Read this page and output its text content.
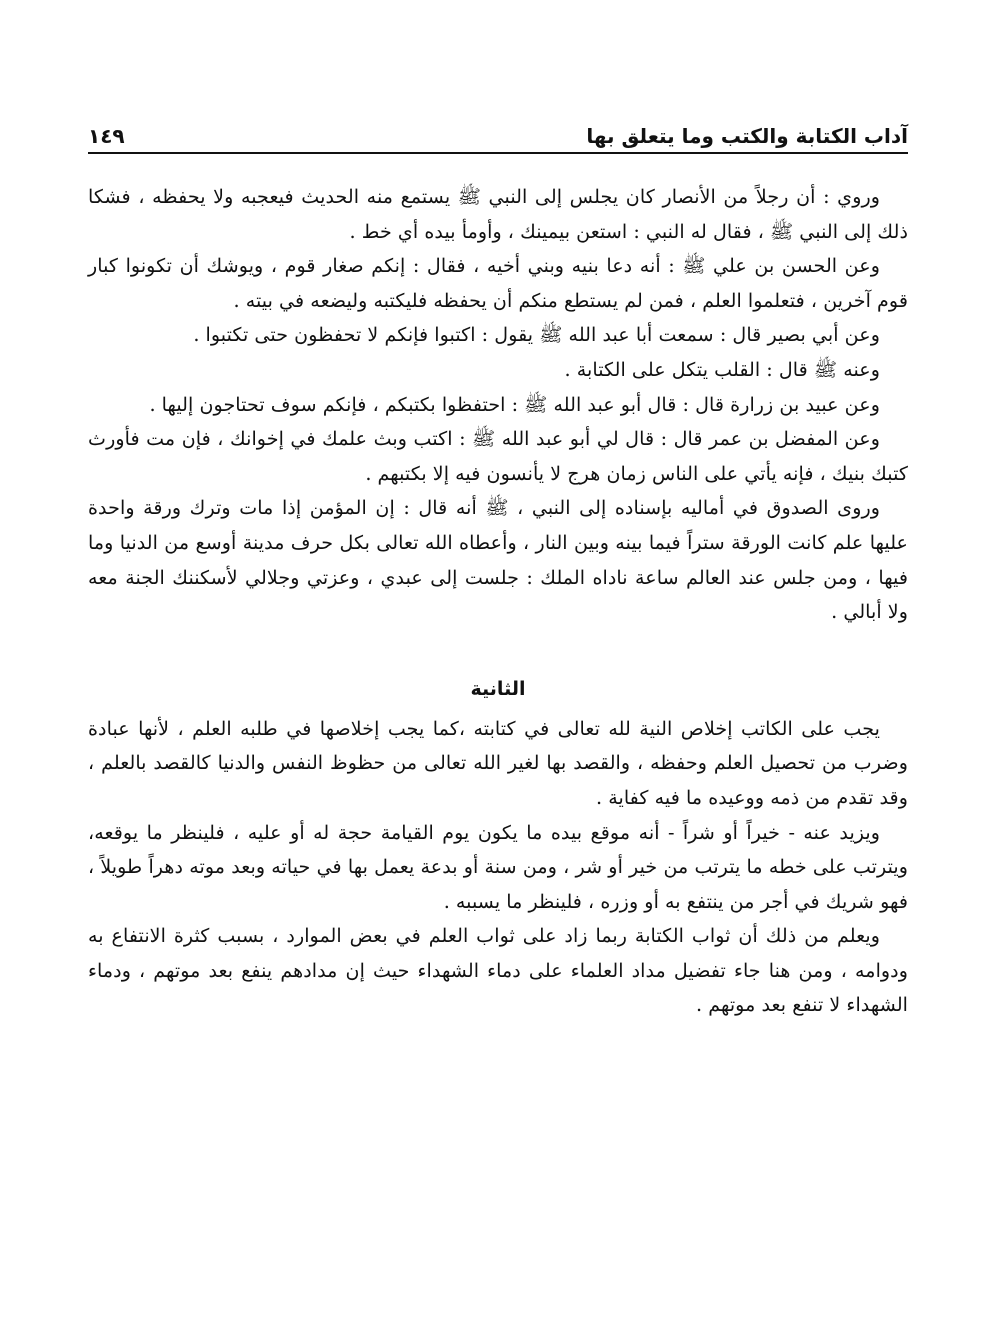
آداب الكتابة والكتب وما يتعلق بها
١٤٩

وروي : أن رجلاً من الأنصار كان يجلس إلى النبي ﷺ يستمع منه الحديث فيعجبه ولا يحفظه ، فشكا ذلك إلى النبي ﷺ ، فقال له النبي : استعن بيمينك ، وأومأ بيده أي خط .

وعن الحسن بن علي ﷺ : أنه دعا بنيه وبني أخيه ، فقال : إنكم صغار قوم ، ويوشك أن تكونوا كبار قوم آخرين ، فتعلموا العلم ، فمن لم يستطع منكم أن يحفظه فليكتبه وليضعه في بيته .

وعن أبي بصير قال : سمعت أبا عبد الله ﷺ يقول : اكتبوا فإنكم لا تحفظون حتى تكتبوا .

وعنه ﷺ قال : القلب يتكل على الكتابة .

وعن عبيد بن زرارة قال : قال أبو عبد الله ﷺ : احتفظوا بكتبكم ، فإنكم سوف تحتاجون إليها .

وعن المفضل بن عمر قال : قال لي أبو عبد الله ﷺ : اكتب وبث علمك في إخوانك ، فإن مت فأورث كتبك بنيك ، فإنه يأتي على الناس زمان هرج لا يأنسون فيه إلا بكتبهم .

وروى الصدوق في أماليه بإسناده إلى النبي ، ﷺ أنه قال : إن المؤمن إذا مات وترك ورقة واحدة عليها علم كانت الورقة ستراً فيما بينه وبين النار ، وأعطاه الله تعالى بكل حرف مدينة أوسع من الدنيا وما فيها ، ومن جلس عند العالم ساعة ناداه الملك : جلست إلى عبدي ، وعزتي وجلالي لأسكننك الجنة معه ولا أبالي .

الثانية

يجب على الكاتب إخلاص النية لله تعالى في كتابته ،كما يجب إخلاصها في طلبه العلم ، لأنها عبادة وضرب من تحصيل العلم وحفظه ، والقصد بها لغير الله تعالى من حظوظ النفس والدنيا كالقصد بالعلم ، وقد تقدم من ذمه ووعيده ما فيه كفاية .

ويزيد عنه - خيراً أو شراً - أنه موقع بيده ما يكون يوم القيامة حجة له أو عليه ، فلينظر ما يوقعه، ويترتب على خطه ما يترتب من خير أو شر ، ومن سنة أو بدعة يعمل بها في حياته وبعد موته دهراً طويلاً ، فهو شريك في أجر من ينتفع به أو وزره ، فلينظر ما يسببه .

ويعلم من ذلك أن ثواب الكتابة ربما زاد على ثواب العلم في بعض الموارد ، بسبب كثرة الانتفاع به ودوامه ، ومن هنا جاء تفضيل مداد العلماء على دماء الشهداء حيث إن مدادهم ينفع بعد موتهم ، ودماء الشهداء لا تنفع بعد موتهم .
